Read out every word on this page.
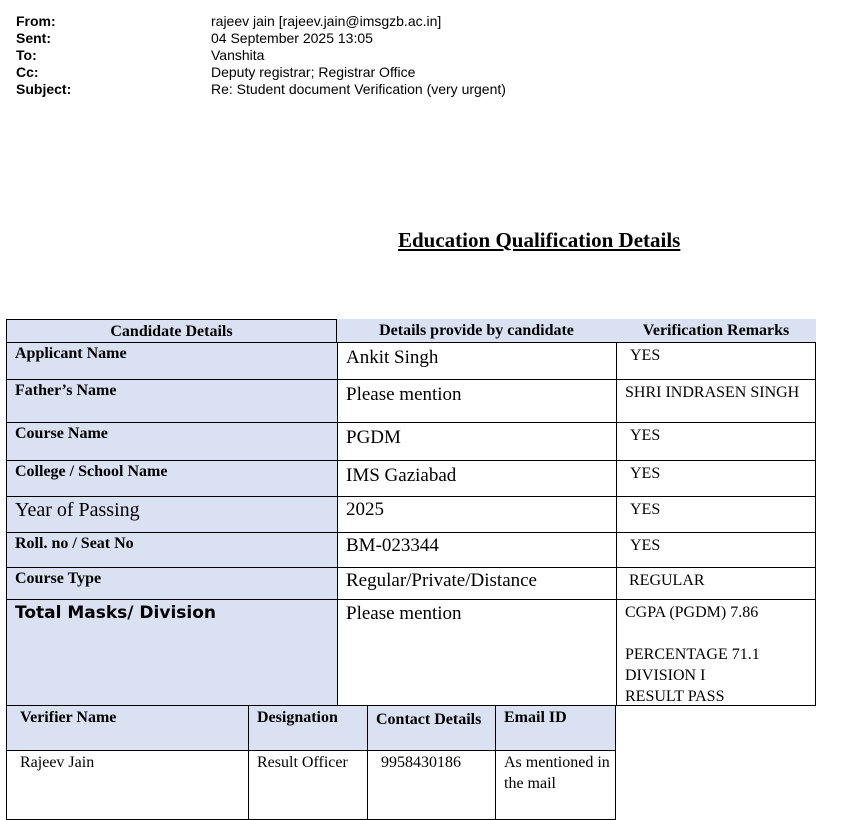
From:	rajeev jain [rajeev.jain@imsgzb.ac.in]
Sent:	04 September 2025 13:05
To:	Vanshita
Cc:	Deputy registrar; Registrar Office
Subject:	Re: Student document Verification (very urgent)
Education Qualification Details
Candidate Details	Details provide by candidate	Verification Remarks
Applicant Name	Ankit Singh	YES
Father’s Name	Please mention	SHRI INDRASEN SINGH
Course Name	PGDM	YES
College / School Name	IMS Gaziabad	YES
Year of Passing	2025	YES
Roll. no / Seat No	BM-023344	YES
Course Type	Regular/Private/Distance	REGULAR
Total Masks/ Division	Please mention	CGPA (PGDM) 7.86
PERCENTAGE 71.1
DIVISION I
RESULT PASS
Verifier Name	Designation	Contact Details	Email ID
Rajeev Jain	Result Officer	9958430186	As mentioned in the mail
